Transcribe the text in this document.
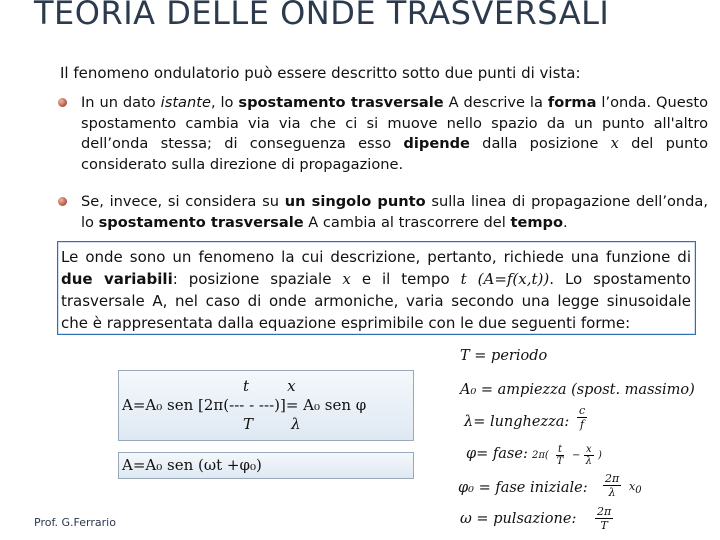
TEORIA DELLE ONDE TRASVERSALI
Il fenomeno ondulatorio può essere descritto sotto due punti di vista:
In un dato istante, lo spostamento trasversale A descrive la forma l’onda. Questo spostamento cambia via via che ci si muove nello spazio da un punto all'altro dell’onda stessa; di conseguenza esso dipende dalla posizione x del punto considerato sulla direzione di propagazione.
Se, invece, si considera su un singolo punto sulla linea di propagazione dell’onda, lo spostamento trasversale A cambia al trascorrere del tempo.

Le onde sono un fenomeno la cui descrizione, pertanto, richiede una funzione di due variabili: posizione spaziale x e il tempo t (A=f(x,t)). Lo spostamento trasversale A, nel caso di onde armoniche, varia secondo una legge sinusoidale che è rappresentata dalla equazione esprimibile con le due seguenti forme:

t        x
A=A₀ sen [2π(--- - ---)]= A₀ sen φ
T        λ
A=A₀ sen (ωt +φ₀)
T = periodo
A₀ = ampiezza (spost. massimo)
λ= lunghezza: $\frac{c}{f}$
φ= fase: $2\pi( \frac{t}{T} - \frac{x}{\lambda}$ )
φ₀ = fase iniziale: $\frac{2\pi}{\lambda} x_0$
ω = pulsazione: $\frac{2\pi}{T}$
Prof. G.Ferrario
